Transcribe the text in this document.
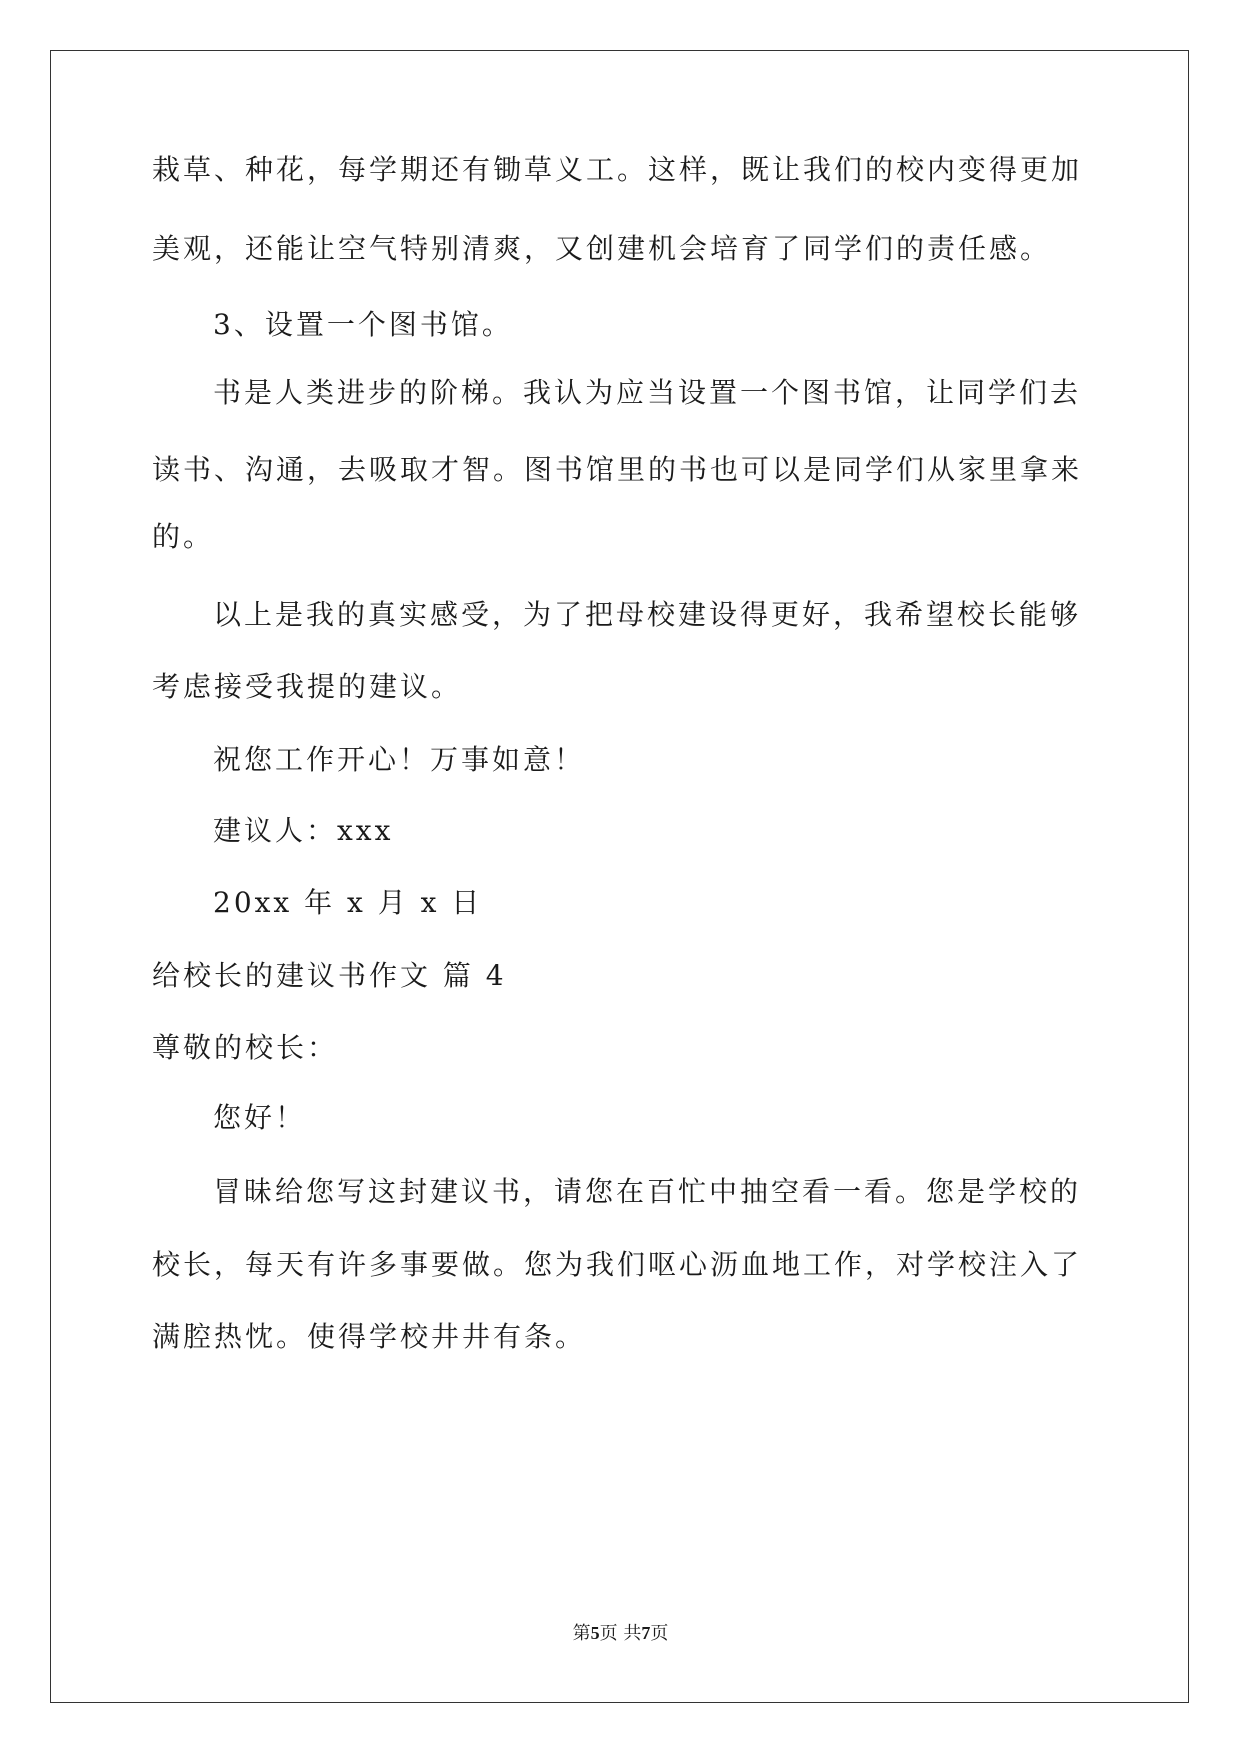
栽草、种花，每学期还有锄草义工。这样，既让我们的校内变得更加
美观，还能让空气特别清爽，又创建机会培育了同学们的责任感。
3、设置一个图书馆。
书是人类进步的阶梯。我认为应当设置一个图书馆，让同学们去
读书、沟通，去吸取才智。图书馆里的书也可以是同学们从家里拿来
的。
以上是我的真实感受，为了把母校建设得更好，我希望校长能够
考虑接受我提的建议。
祝您工作开心！万事如意！
建议人：xxx
20xx 年 x 月 x 日
给校长的建议书作文 篇 4
尊敬的校长：
您好！
冒昧给您写这封建议书，请您在百忙中抽空看一看。您是学校的
校长，每天有许多事要做。您为我们呕心沥血地工作，对学校注入了
满腔热忱。使得学校井井有条。
第5页 共7页
